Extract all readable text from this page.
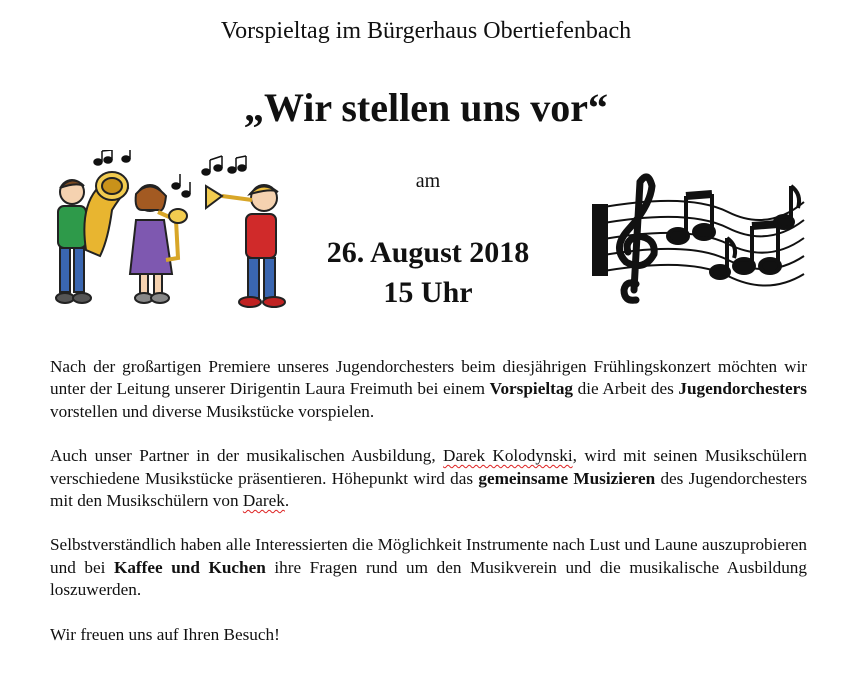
Vorspieltag im Bürgerhaus Obertiefenbach
„Wir stellen uns vor“
am
26. August 2018
15 Uhr

Nach der großartigen Premiere unseres Jugendorchesters beim diesjährigen Frühlingskonzert möchten wir unter der Leitung unserer Dirigentin Laura Freimuth bei einem Vorspieltag die Arbeit des Jugendorchesters vorstellen und diverse Musikstücke vorspielen.

Auch unser Partner in der musikalischen Ausbildung, Darek Kolodynski, wird mit seinen Musikschülern verschiedene Musikstücke präsentieren. Höhepunkt wird das gemeinsame Musizieren des Jugendorchesters mit den Musikschülern von Darek.

Selbstverständlich haben alle Interessierten die Möglichkeit Instrumente nach Lust und Laune auszuprobieren und bei Kaffee und Kuchen ihre Fragen rund um den Musikverein und die musikalische Ausbildung loszuwerden.

Wir freuen uns auf Ihren Besuch!
